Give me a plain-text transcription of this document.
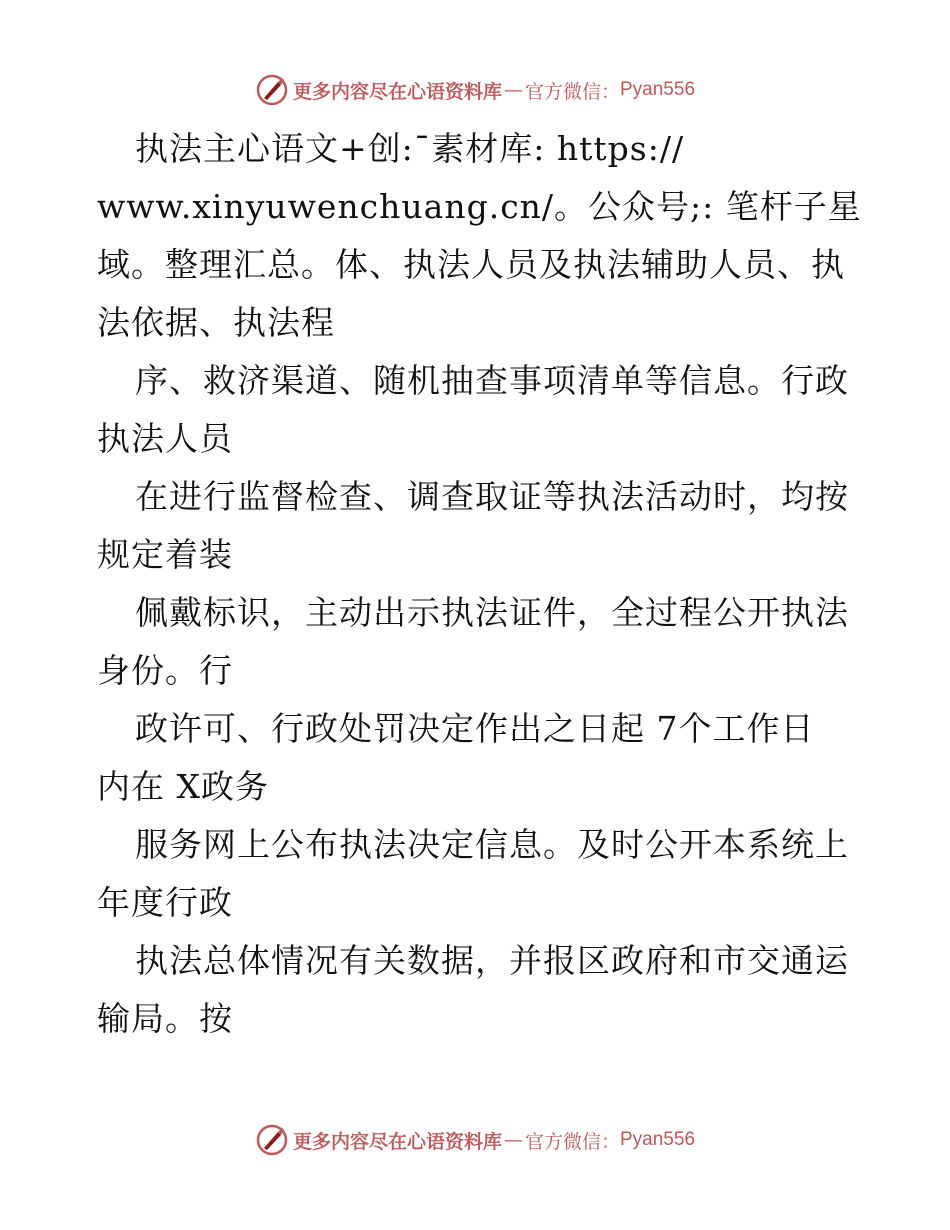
更多内容尽在心语资料库 — 官方微信： Pyan556
执法主心语文+创:¯素材库: https://
www.xinyuwenchuang.cn/。公众号;: 笔杆子星
域。整理汇总。体、执法人员及执法辅助人员、执
法依据、执法程
序、救济渠道、随机抽查事项清单等信息。行政
执法人员
在进行监督检查、调查取证等执法活动时，均按
规定着装
佩戴标识，主动出示执法证件，全过程公开执法
身份。行
政许可、行政处罚决定作出之日起 7个工作日
内在 X政务
服务网上公布执法决定信息。及时公开本系统上
年度行政
执法总体情况有关数据，并报区政府和市交通运
输局。按
更多内容尽在心语资料库 — 官方微信： Pyan556
